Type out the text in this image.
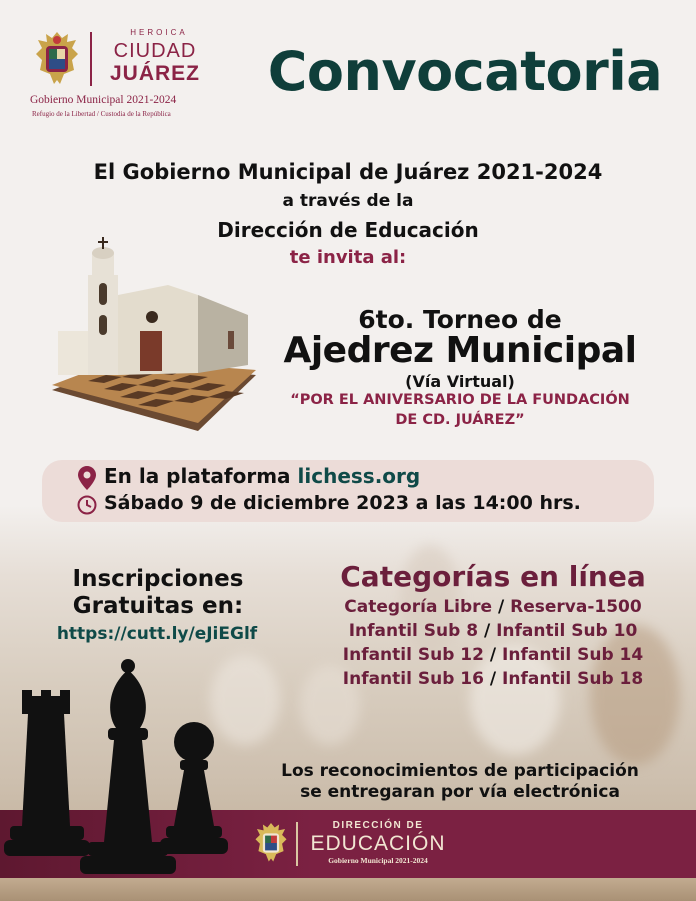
HEROICA
CIUDAD
JUÁREZ
Gobierno Municipal 2021-2024
Refugio de la Libertad / Custodia de la República
Convocatoria
El Gobierno Municipal de Juárez 2021-2024
a través de la
Dirección de Educación
te invita al:
6to. Torneo de
Ajedrez Municipal
(Vía Virtual)
“POR EL ANIVERSARIO DE LA FUNDACIÓN
DE CD. JUÁREZ”
En la plataforma lichess.org
Sábado 9 de diciembre 2023 a las 14:00 hrs.
Inscripciones
Gratuitas en:
https://cutt.ly/eJiEGlf
Categorías en línea
Categoría Libre / Reserva-1500
Infantil Sub 8 / Infantil Sub 10
Infantil Sub 12 / Infantil Sub 14
Infantil Sub 16 / Infantil Sub 18
Los reconocimientos de participación
se entregaran por vía electrónica
DIRECCIÓN DE
EDUCACIÓN
Gobierno Municipal 2021-2024
